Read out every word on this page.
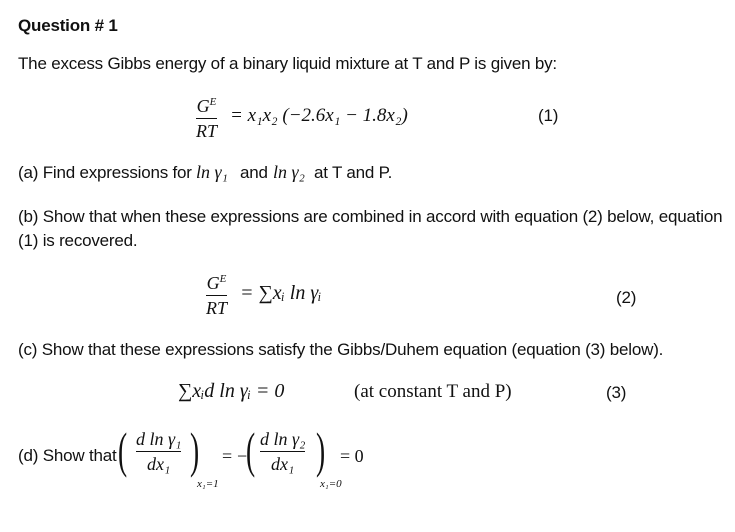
Question # 1
The excess Gibbs energy of a binary liquid mixture at T and P is given by:
$G^E$
RT
= x₁x₂ (−2.6x₁ − 1.8x₂)	(1)
(a) Find expressions for ln γ₁ and ln γ₂ at T and P.
(b) Show that when these expressions are combined in accord with equation (2) below, equation
(1) is recovered.
$G^E$
RT
= ∑xᵢ ln γᵢ	(2)
(c) Show that these expressions satisfy the Gibbs/Duhem equation (equation (3) below).
∑xᵢd ln γᵢ = 0	(at constant T and P)	(3)
(d) Show that ( d ln γ₁
dx₁ )
x₁=1
= −
( d ln γ₂
dx₁ )
x₁=0
= 0
